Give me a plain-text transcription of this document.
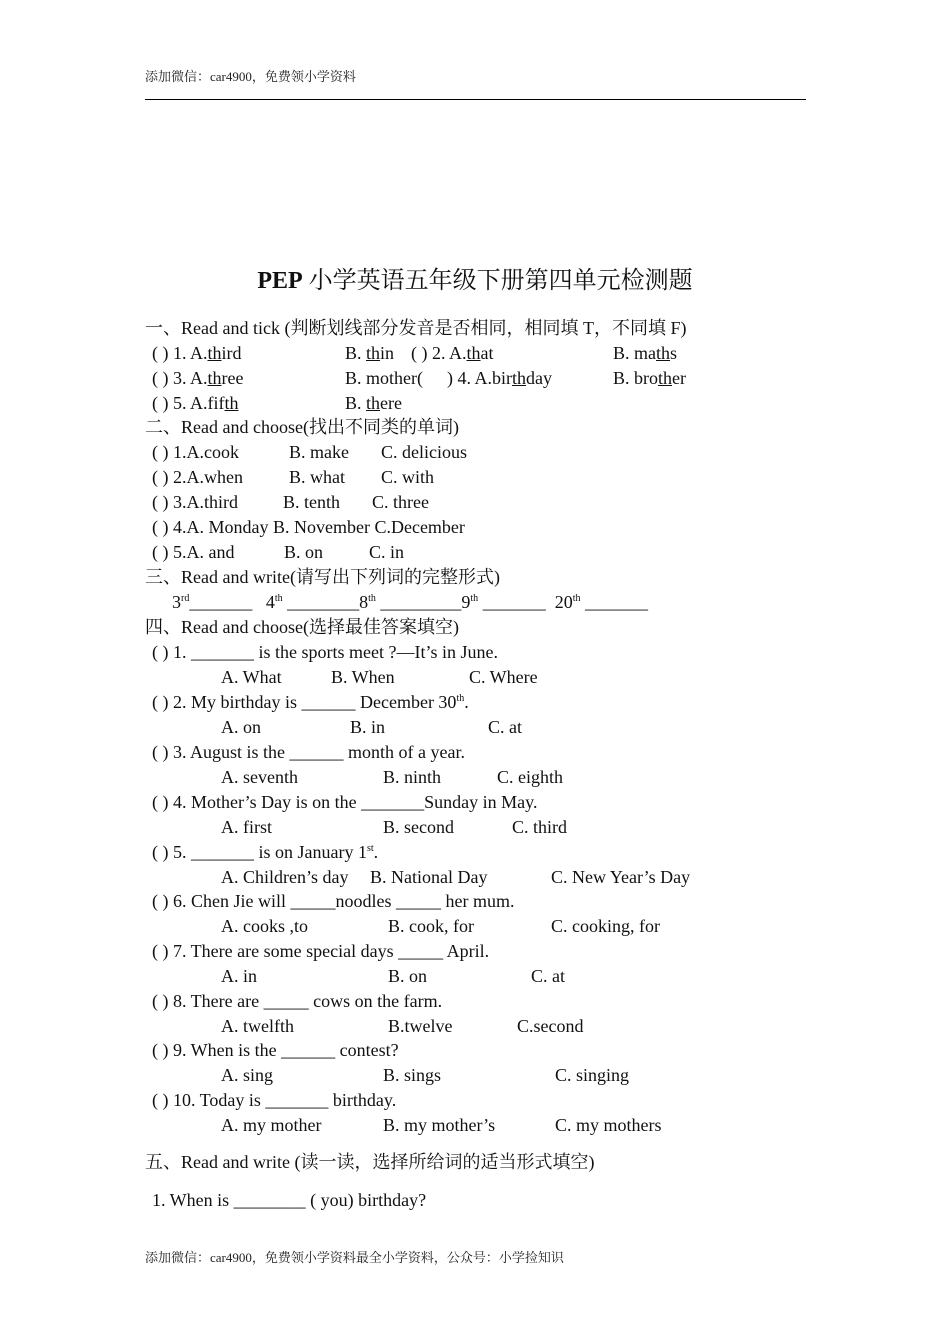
添加微信：car4900，免费领小学资料
PEP 小学英语五年级下册第四单元检测题
一、Read and tick (判断划线部分发音是否相同，相同填 T，不同填 F)
( ) 1. A.third	B. thin ( ) 2. A.that	B. maths
( ) 3. A.three	B. mother( ) 4. A.birthday	B. brother
( ) 5. A.fifth	B. there
二、Read and choose(找出不同类的单词)
( ) 1.A.cook	B. make C. delicious
( ) 2.A.when	B. what C. with
( ) 3.A.third	B. tenth C. three
( ) 4.A. Monday B. November C.December
( ) 5.A. and	B. on	C. in
三、Read and write(请写出下列词的完整形式)
3rd_______ 4th ________8th _________9th _______ 20th _______
四、Read and choose(选择最佳答案填空)
( ) 1. _______ is the sports meet ?—It’s in June.
A. What	B. When	C. Where
( ) 2. My birthday is ______ December 30th.
A. on	B. in	C. at
( ) 3. August is the ______ month of a year.
A. seventh	B. ninth	C. eighth
( ) 4. Mother’s Day is on the _______Sunday in May.
A. first	B. second	C. third
( ) 5. _______ is on January 1st.
A. Children’s day B. National Day	C. New Year’s Day
( ) 6. Chen Jie will _____noodles _____ her mum.
A. cooks ,to	B. cook, for	C. cooking, for
( ) 7. There are some special days _____ April.
A. in	B. on	C. at
( ) 8. There are _____ cows on the farm.
A. twelfth	B.twelve	C.second
( ) 9. When is the ______ contest?
A. sing	B. sings	C. singing
( ) 10. Today is _______ birthday.
A. my mother	B. my mother’s	C. my mothers
五、Read and write (读一读，选择所给词的适当形式填空)
1. When is ________ ( you) birthday?
添加微信：car4900，免费领小学资料最全小学资料，公众号：小学捡知识
